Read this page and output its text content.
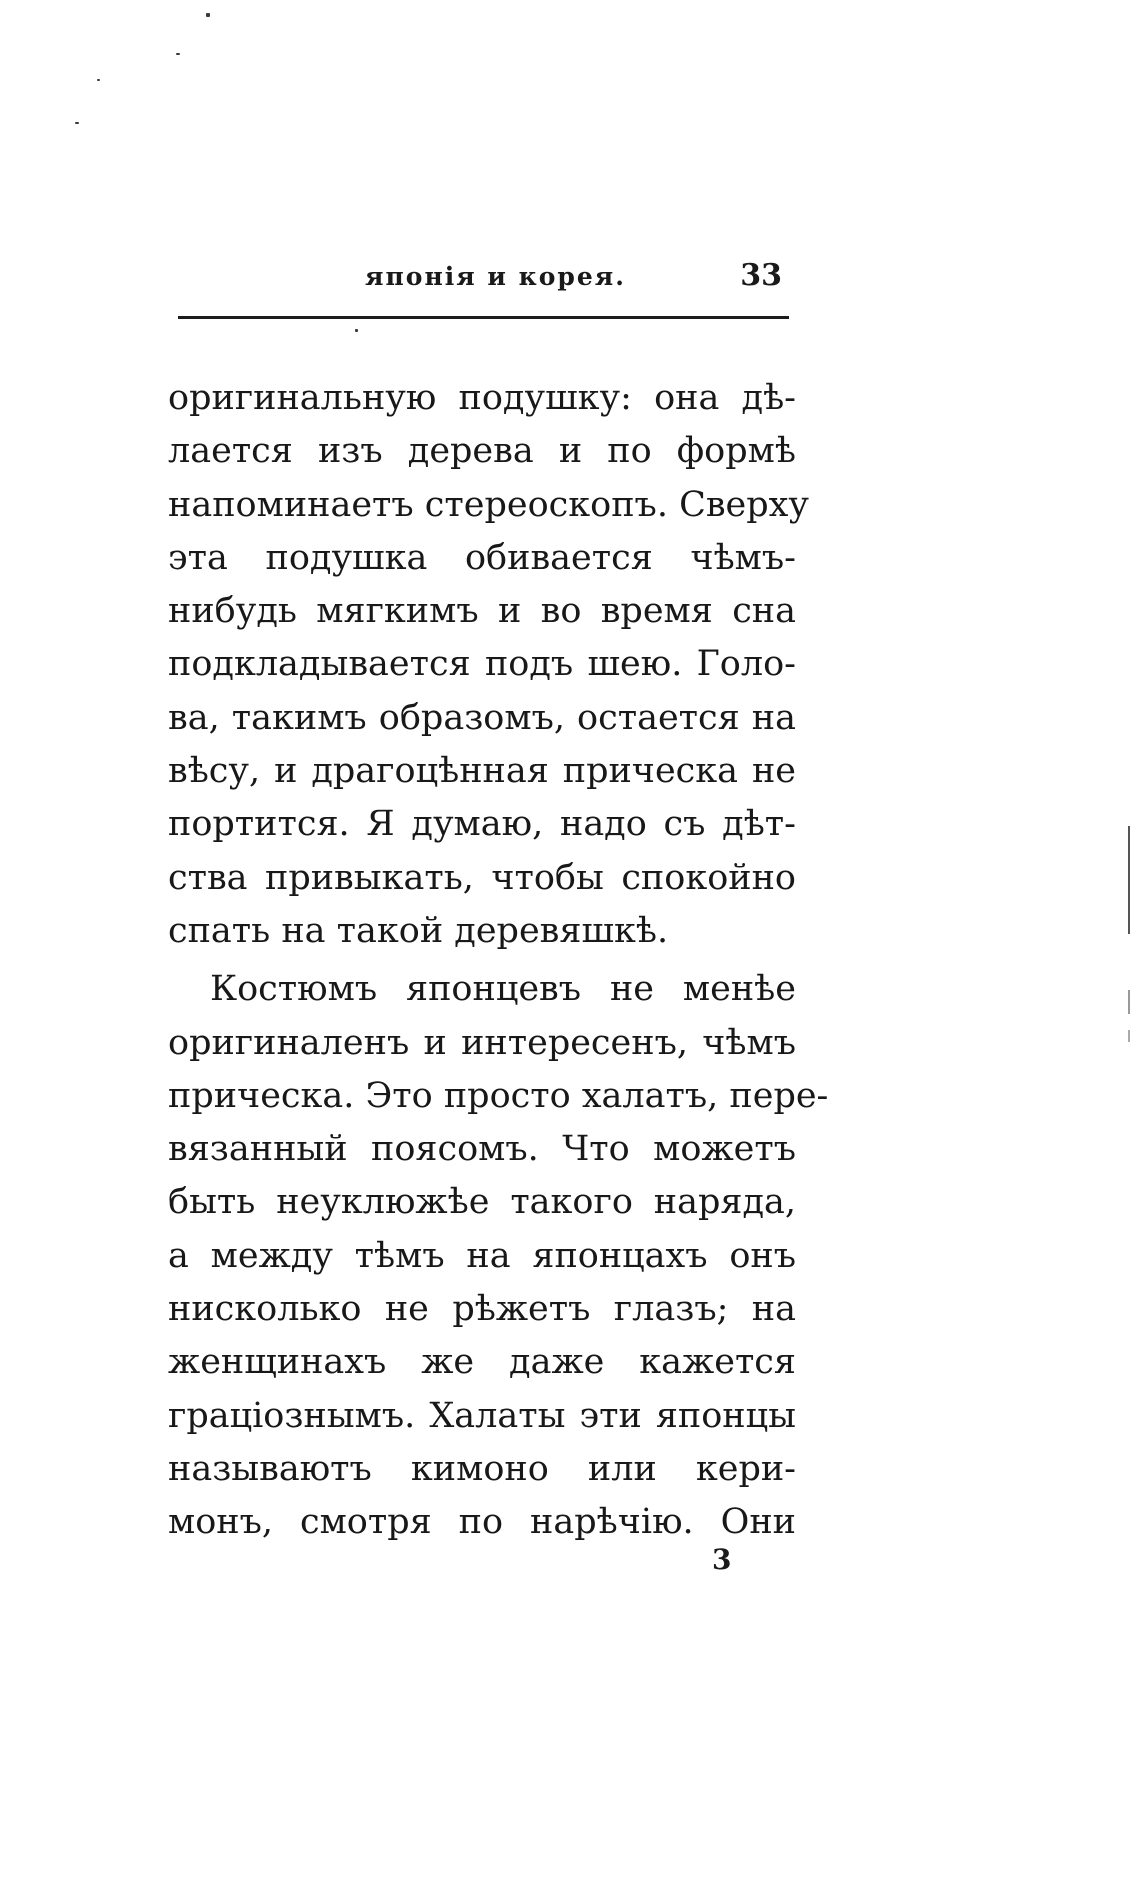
японія и корея.	33
оригинальную подушку: она дѣ-
лается изъ дерева и по формѣ
напоминаетъ стереоскопъ. Сверху
эта подушка обивается чѣмъ-
нибудь мягкимъ и во время сна
подкладывается подъ шею. Голо-
ва, такимъ образомъ, остается на
вѣсу, и драгоцѣнная прическа не
портится. Я думаю, надо съ дѣт-
ства привыкать, чтобы спокойно
спать на такой деревяшкѣ.
Костюмъ японцевъ не менѣе
оригиналенъ и интересенъ, чѣмъ
прическа. Это просто халатъ, пере-
вязанный поясомъ. Что можетъ
быть неуклюжѣе такого наряда,
а между тѣмъ на японцахъ онъ
нисколько не рѣжетъ глазъ; на
женщинахъ же даже кажется
граціознымъ. Халаты эти японцы
называютъ кимоно или кери-
монъ, смотря по нарѣчію. Они
3
